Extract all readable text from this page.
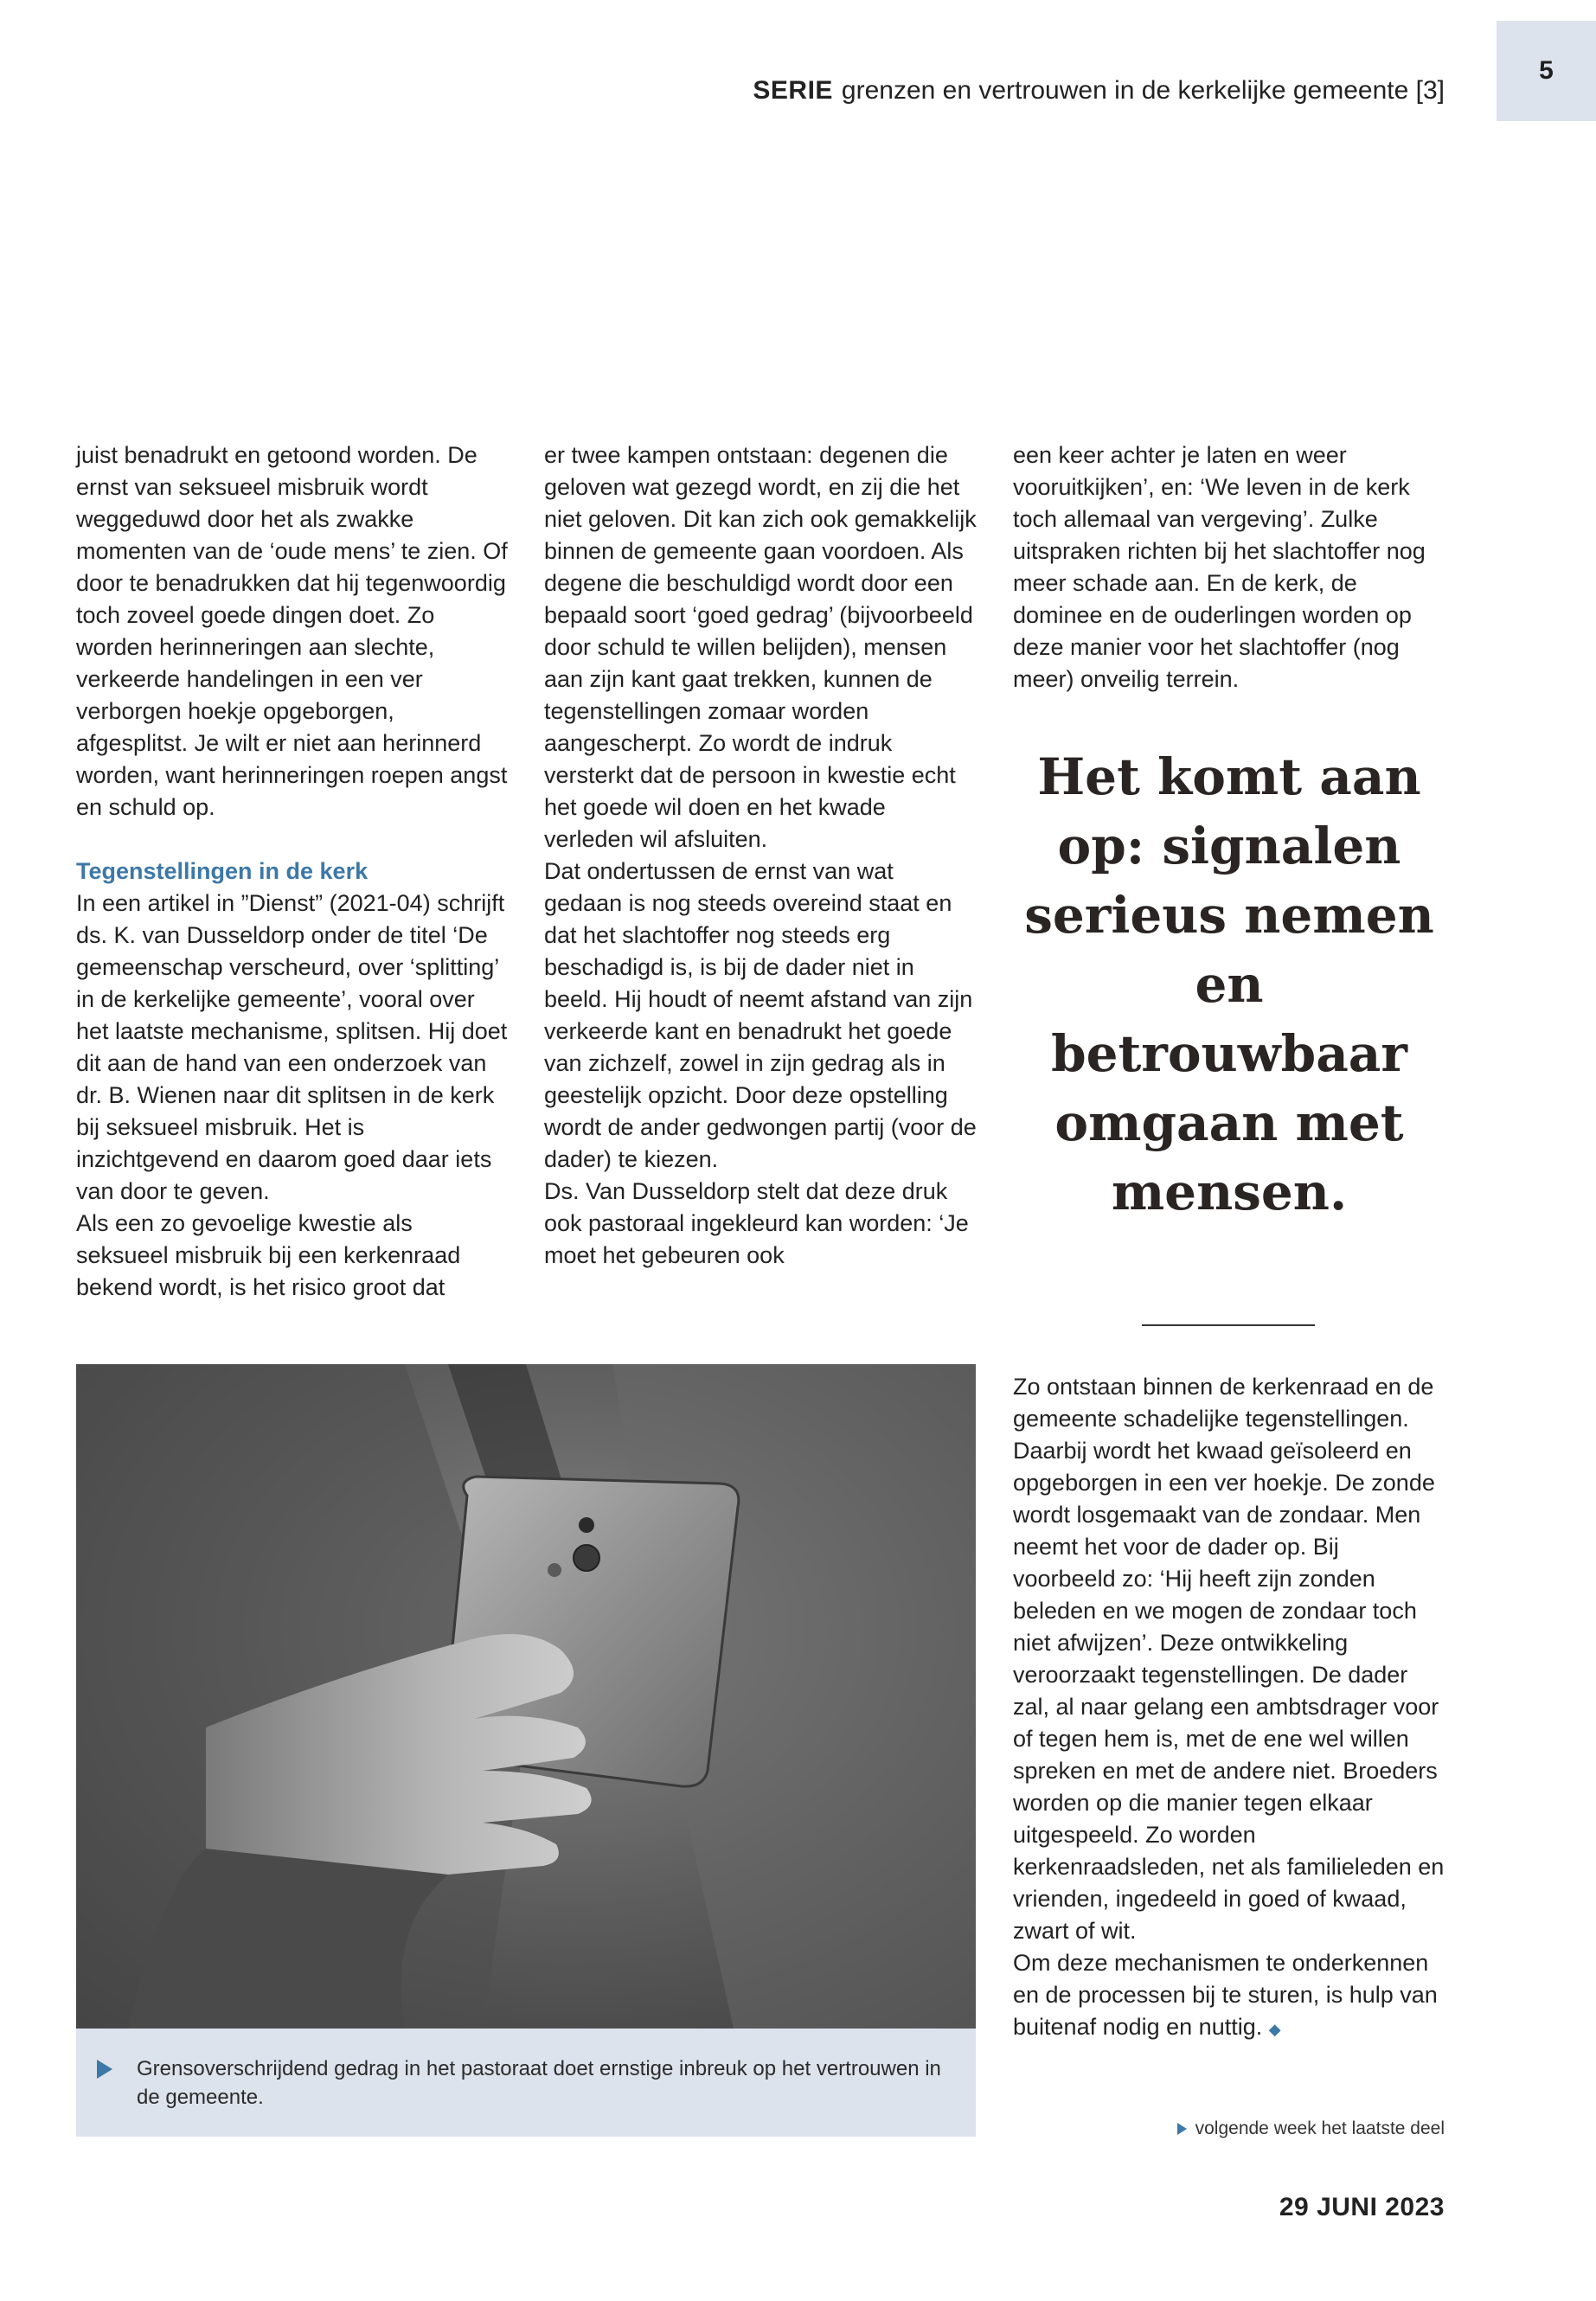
5
SERIE grenzen en vertrouwen in de kerkelijke gemeente [3]

juist benadrukt en getoond worden. De ernst van seksueel misbruik wordt weggeduwd door het als zwakke momenten van de ‘oude mens’ te zien. Of door te benadrukken dat hij tegenwoordig toch zoveel goede dingen doet. Zo worden herinneringen aan slechte, verkeerde handelingen in een ver verborgen hoekje opgeborgen, afgesplitst. Je wilt er niet aan herinnerd worden, want herinneringen roepen angst en schuld op.

Tegenstellingen in de kerk

In een artikel in ”Dienst” (2021-04) schrijft ds. K. van Dusseldorp onder de titel ‘De gemeenschap verscheurd, over ‘splitting’ in de kerkelijke gemeente’, vooral over het laatste mechanisme, splitsen. Hij doet dit aan de hand van een onderzoek van dr. B. Wienen naar dit splitsen in de kerk bij seksueel misbruik. Het is inzichtgevend en daarom goed daar iets van door te geven.

Als een zo gevoelige kwestie als seksueel misbruik bij een kerkenraad bekend wordt, is het risico groot dat

er twee kampen ontstaan: degenen die geloven wat gezegd wordt, en zij die het niet geloven. Dit kan zich ook gemakkelijk binnen de gemeente gaan voordoen. Als degene die beschuldigd wordt door een bepaald soort ‘goed gedrag’ (bijvoorbeeld door schuld te willen belijden), mensen aan zijn kant gaat trekken, kunnen de tegenstellingen zomaar worden aangescherpt. Zo wordt de indruk versterkt dat de persoon in kwestie echt het goede wil doen en het kwade verleden wil afsluiten.

Dat ondertussen de ernst van wat gedaan is nog steeds overeind staat en dat het slachtoffer nog steeds erg beschadigd is, is bij de dader niet in beeld. Hij houdt of neemt afstand van zijn verkeerde kant en benadrukt het goede van zichzelf, zowel in zijn gedrag als in geestelijk opzicht. Door deze opstelling wordt de ander gedwongen partij (voor de dader) te kiezen.

Ds. Van Dusseldorp stelt dat deze druk ook pastoraal ingekleurd kan worden: ‘Je moet het gebeuren ook

een keer achter je laten en weer vooruitkijken’, en: ‘We leven in de kerk toch allemaal van vergeving’. Zulke uitspraken richten bij het slachtoffer nog meer schade aan. En de kerk, de dominee en de ouderlingen worden op deze manier voor het slachtoffer (nog meer) onveilig terrein.

Het komt aan op: signalen serieus nemen en betrouwbaar omgaan met mensen.

Zo ontstaan binnen de kerkenraad en de gemeente schadelijke tegenstellingen. Daarbij wordt het kwaad geïsoleerd en opgeborgen in een ver hoekje. De zonde wordt losgemaakt van de zondaar. Men neemt het voor de dader op. Bij voorbeeld zo: ‘Hij heeft zijn zonden beleden en we mogen de zondaar toch niet afwijzen’. Deze ontwikkeling veroorzaakt tegenstellingen. De dader zal, al naar gelang een ambtsdrager voor of tegen hem is, met de ene wel willen spreken en met de andere niet. Broeders worden op die manier tegen elkaar uitgespeeld. Zo worden kerkenraadsleden, net als familieleden en vrienden, ingedeeld in goed of kwaad, zwart of wit.

Om deze mechanismen te onderkennen en de processen bij te sturen, is hulp van buitenaf nodig en nuttig. ◆

Grensoverschrijdend gedrag in het pastoraat doet ernstige inbreuk op het vertrouwen in de gemeente.
volgende week het laatste deel
29 JUNI 2023
